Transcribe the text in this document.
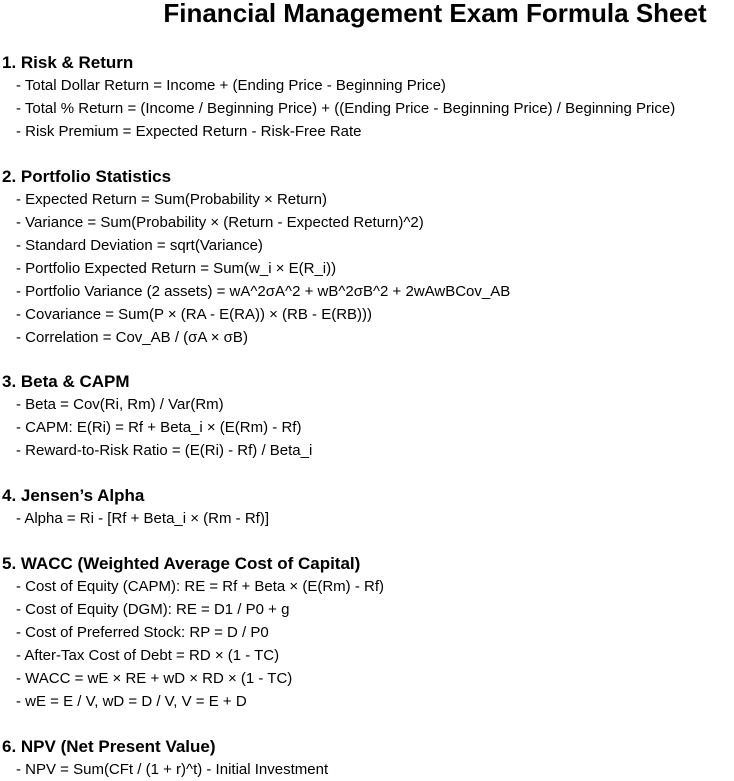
Financial Management Exam Formula Sheet

1. Risk & Return

- Total Dollar Return = Income + (Ending Price - Beginning Price)

- Total % Return = (Income / Beginning Price) + ((Ending Price - Beginning Price) / Beginning Price)

- Risk Premium = Expected Return - Risk-Free Rate

2. Portfolio Statistics

- Expected Return = Sum(Probability × Return)

- Variance = Sum(Probability × (Return - Expected Return)^2)

- Standard Deviation = sqrt(Variance)

- Portfolio Expected Return = Sum(w_i × E(R_i))

- Portfolio Variance (2 assets) = wA^2σA^2 + wB^2σB^2 + 2wAwBCov_AB

- Covariance = Sum(P × (RA - E(RA)) × (RB - E(RB)))

- Correlation = Cov_AB / (σA × σB)

3. Beta & CAPM

- Beta = Cov(Ri, Rm) / Var(Rm)

- CAPM: E(Ri) = Rf + Beta_i × (E(Rm) - Rf)

- Reward-to-Risk Ratio = (E(Ri) - Rf) / Beta_i

4. Jensen’s Alpha

- Alpha = Ri - [Rf + Beta_i × (Rm - Rf)]

5. WACC (Weighted Average Cost of Capital)

- Cost of Equity (CAPM): RE = Rf + Beta × (E(Rm) - Rf)

- Cost of Equity (DGM): RE = D1 / P0 + g

- Cost of Preferred Stock: RP = D / P0

- After-Tax Cost of Debt = RD × (1 - TC)

- WACC = wE × RE + wD × RD × (1 - TC)

- wE = E / V, wD = D / V, V = E + D

6. NPV (Net Present Value)

- NPV = Sum(CFt / (1 + r)^t) - Initial Investment
